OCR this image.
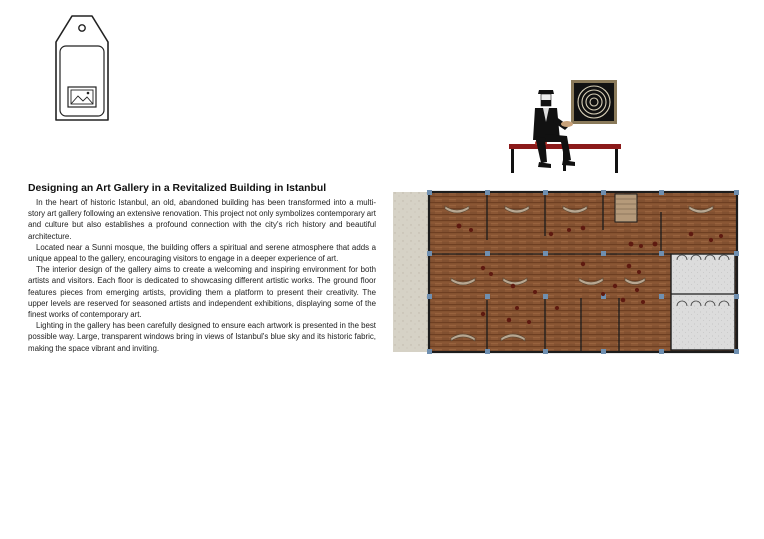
Designing an Art Gallery in a Revitalized Building in Istanbul

In the heart of historic Istanbul, an old, abandoned building has been transformed into a multi-story art gallery following an extensive renovation. This project not only symbolizes contemporary art and culture but also establishes a profound connection with the city's rich history and beautiful architecture.

Located near a Sunni mosque, the building offers a spiritual and serene atmosphere that adds a unique appeal to the gallery, encouraging visitors to engage in a deeper experience of art.

The interior design of the gallery aims to create a welcoming and inspiring environment for both artists and visitors. Each floor is dedicated to showcasing different artistic works. The ground floor features pieces from emerging artists, providing them a platform to present their creativity. The upper levels are reserved for seasoned artists and independent exhibitions, displaying some of the finest works of contemporary art.

Lighting in the gallery has been carefully designed to ensure each artwork is presented in the best possible way. Large, transparent windows bring in views of Istanbul's blue sky and its historic fabric, making the space vibrant and inviting.
